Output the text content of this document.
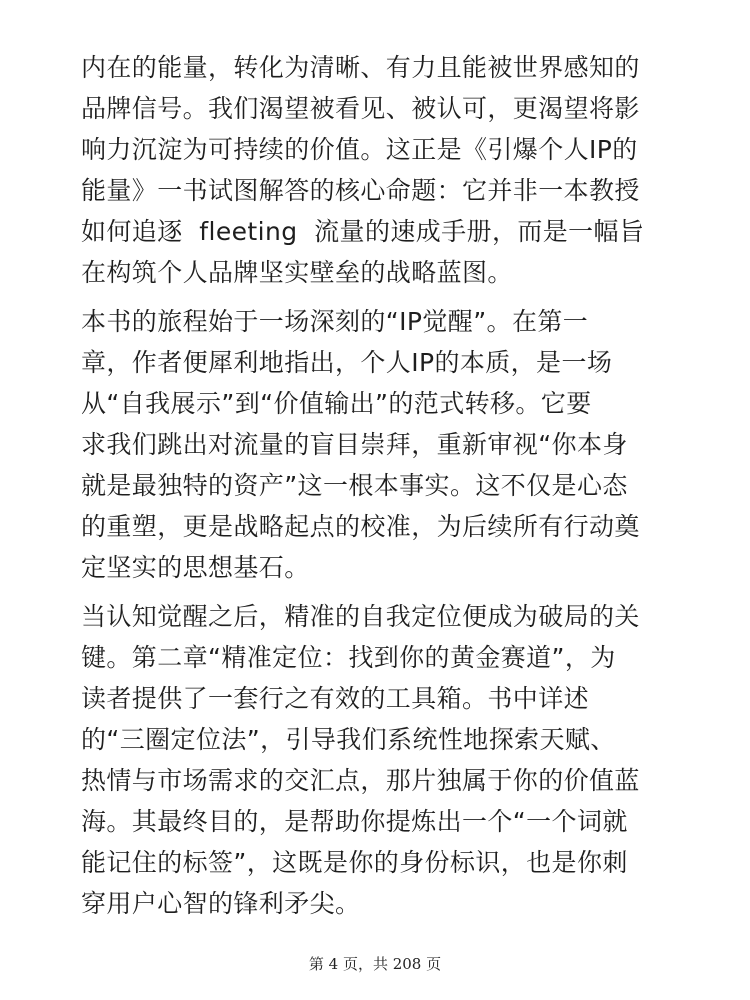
内在的能量，转化为清晰、有力且能被世界感知的
品牌信号。我们渴望被看见、被认可，更渴望将影
响力沉淀为可持续的价值。这正是《引爆个人IP的
能量》一书试图解答的核心命题：它并非一本教授
如何追逐  fleeting  流量的速成手册，而是一幅旨
在构筑个人品牌坚实壁垒的战略蓝图。
本书的旅程始于一场深刻的“IP觉醒”。在第一
章，作者便犀利地指出，个人IP的本质，是一场
从“自我展示”到“价值输出”的范式转移。它要
求我们跳出对流量的盲目崇拜，重新审视“你本身
就是最独特的资产”这一根本事实。这不仅是心态
的重塑，更是战略起点的校准，为后续所有行动奠
定坚实的思想基石。
当认知觉醒之后，精准的自我定位便成为破局的关
键。第二章“精准定位：找到你的黄金赛道”，为
读者提供了一套行之有效的工具箱。书中详述
的“三圈定位法”，引导我们系统性地探索天赋、
热情与市场需求的交汇点，那片独属于你的价值蓝
海。其最终目的，是帮助你提炼出一个“一个词就
能记住的标签”，这既是你的身份标识，也是你刺
穿用户心智的锋利矛尖。
第 4 页，共 208 页
